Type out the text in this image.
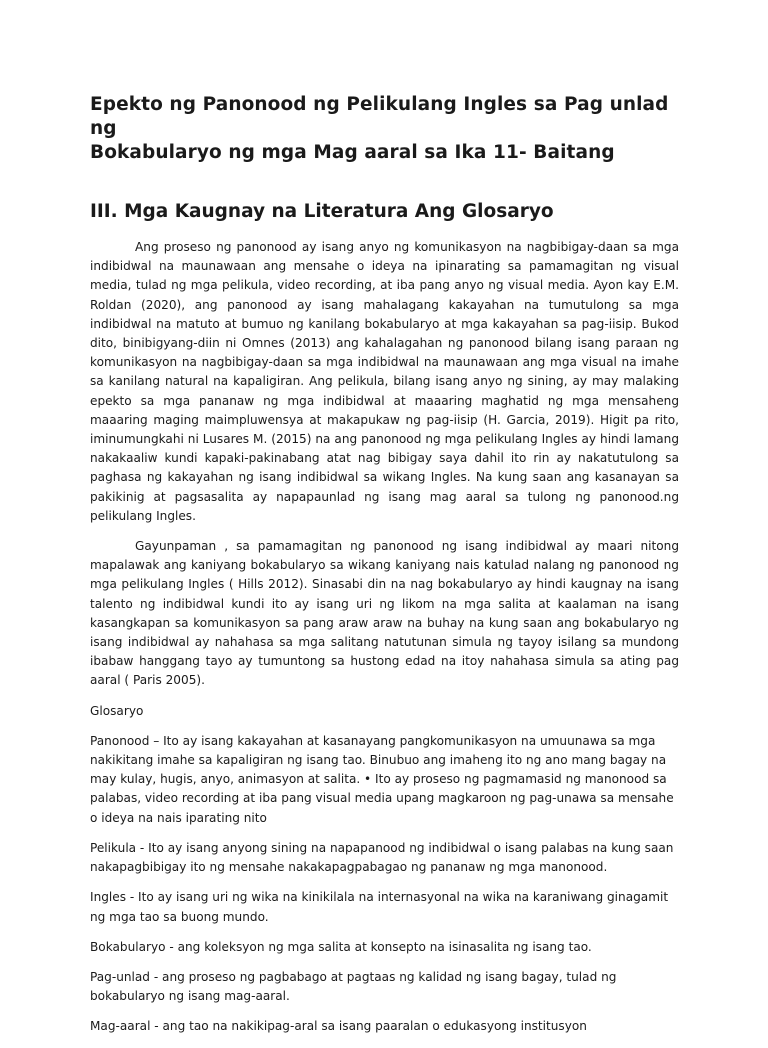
Epekto ng Panonood ng Pelikulang Ingles sa Pag unlad ng
Bokabularyo ng mga Mag aaral sa Ika 11- Baitang
III. Mga Kaugnay na Literatura Ang Glosaryo

Ang proseso ng panonood ay isang anyo ng komunikasyon na nagbibigay-daan sa mga indibidwal na maunawaan ang mensahe o ideya na ipinarating sa pamamagitan ng visual media, tulad ng mga pelikula, video recording, at iba pang anyo ng visual media. Ayon kay E.M. Roldan (2020), ang panonood ay isang mahalagang kakayahan na tumutulong sa mga indibidwal na matuto at bumuo ng kanilang bokabularyo at mga kakayahan sa pag-iisip. Bukod dito, binibigyang-diin ni Omnes (2013) ang kahalagahan ng panonood bilang isang paraan ng komunikasyon na nagbibigay-daan sa mga indibidwal na maunawaan ang mga visual na imahe sa kanilang natural na kapaligiran. Ang pelikula, bilang isang anyo ng sining, ay may malaking epekto sa mga pananaw ng mga indibidwal at maaaring maghatid ng mga mensaheng maaaring maging maimpluwensya at makapukaw ng pag-iisip (H. Garcia, 2019). Higit pa rito, iminumungkahi ni Lusares M. (2015) na ang panonood ng mga pelikulang Ingles ay hindi lamang nakakaaliw kundi kapaki-pakinabang atat nag bibigay saya dahil ito rin ay nakatutulong sa paghasa ng kakayahan ng isang indibidwal sa wikang Ingles. Na kung saan ang kasanayan sa pakikinig at pagsasalita ay napapaunlad ng isang mag aaral sa tulong ng panonood.ng pelikulang Ingles.

Gayunpaman , sa pamamagitan ng panonood ng isang indibidwal ay maari nitong mapalawak ang kaniyang bokabularyo sa wikang kaniyang nais katulad nalang ng panonood ng mga pelikulang Ingles ( Hills 2012). Sinasabi din na nag bokabularyo ay hindi kaugnay na isang talento ng indibidwal kundi ito ay isang uri ng likom na mga salita at kaalaman na isang kasangkapan sa komunikasyon sa pang araw araw na buhay na kung saan ang bokabularyo ng isang indibidwal ay nahahasa sa mga salitang natutunan simula ng tayoy isilang sa mundong ibabaw hanggang tayo ay tumuntong sa hustong edad na itoy nahahasa simula sa ating pag aaral ( Paris 2005).

Glosaryo

Panonood – Ito ay isang kakayahan at kasanayang pangkomunikasyon na umuunawa sa mga nakikitang imahe sa kapaligiran ng isang tao. Binubuo ang imaheng ito ng ano mang bagay na may kulay, hugis, anyo, animasyon at salita. • Ito ay proseso ng pagmamasid ng manonood sa palabas, video recording at iba pang visual media upang magkaroon ng pag-unawa sa mensahe o ideya na nais iparating nito

Pelikula - Ito ay isang anyong sining na napapanood ng indibidwal o isang palabas na kung saan nakapagbibigay ito ng mensahe nakakapagpabagao ng pananaw ng mga manonood.

Ingles - Ito ay isang uri ng wika na kinikilala na internasyonal na wika na karaniwang ginagamit ng mga tao sa buong mundo.

Bokabularyo - ang koleksyon ng mga salita at konsepto na isinasalita ng isang tao.

Pag-unlad - ang proseso ng pagbabago at pagtaas ng kalidad ng isang bagay, tulad ng bokabularyo ng isang mag-aaral.

Mag-aaral - ang tao na nakikipag-aral sa isang paaralan o edukasyong institusyon
